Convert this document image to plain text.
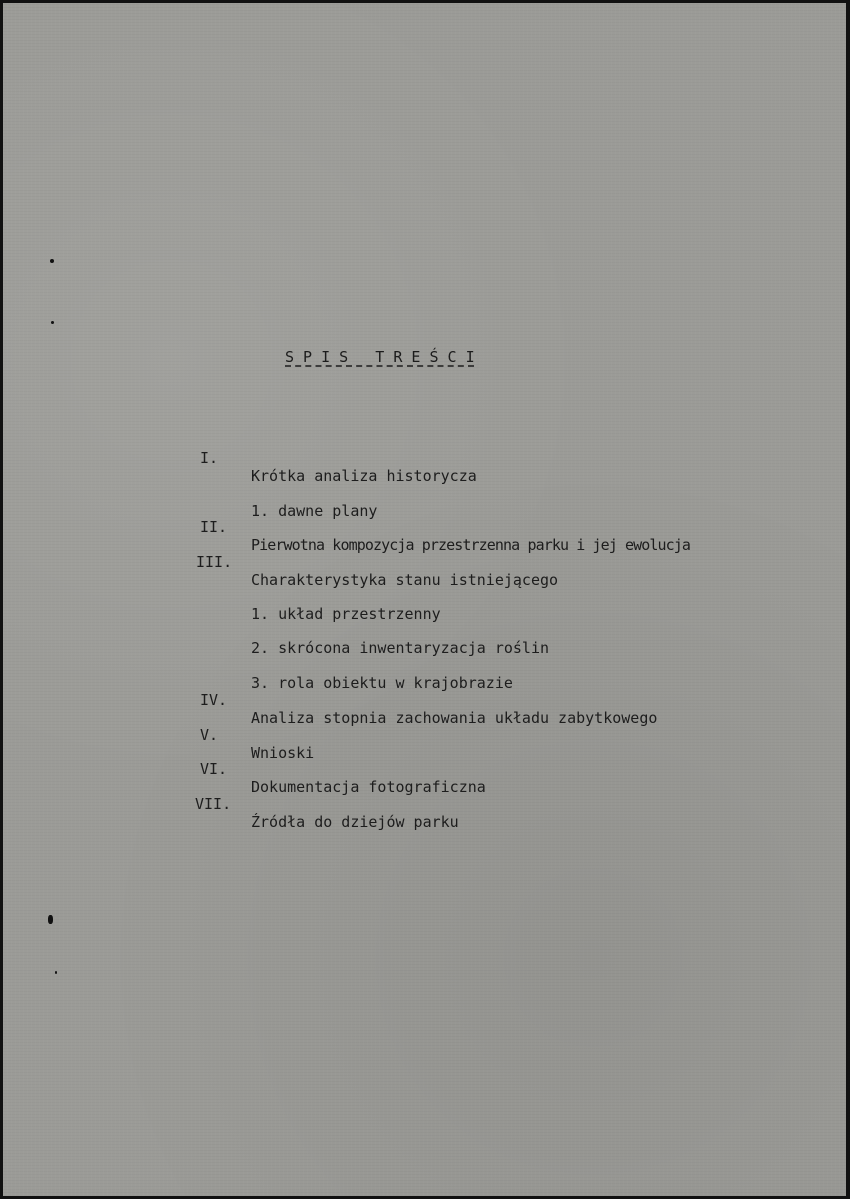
S P I S   T R E Ś C I

I.

Krótka analiza historycza

1. dawne plany

II.

Pierwotna kompozycja przestrzenna parku i jej ewolucja

III.

Charakterystyka stanu istniejącego

1. układ przestrzenny

2. skrócona inwentaryzacja roślin

3. rola obiektu w krajobrazie

IV.

Analiza stopnia zachowania układu zabytkowego

V.

Wnioski

VI.

Dokumentacja fotograficzna

VII.

Źródła do dziejów parku
